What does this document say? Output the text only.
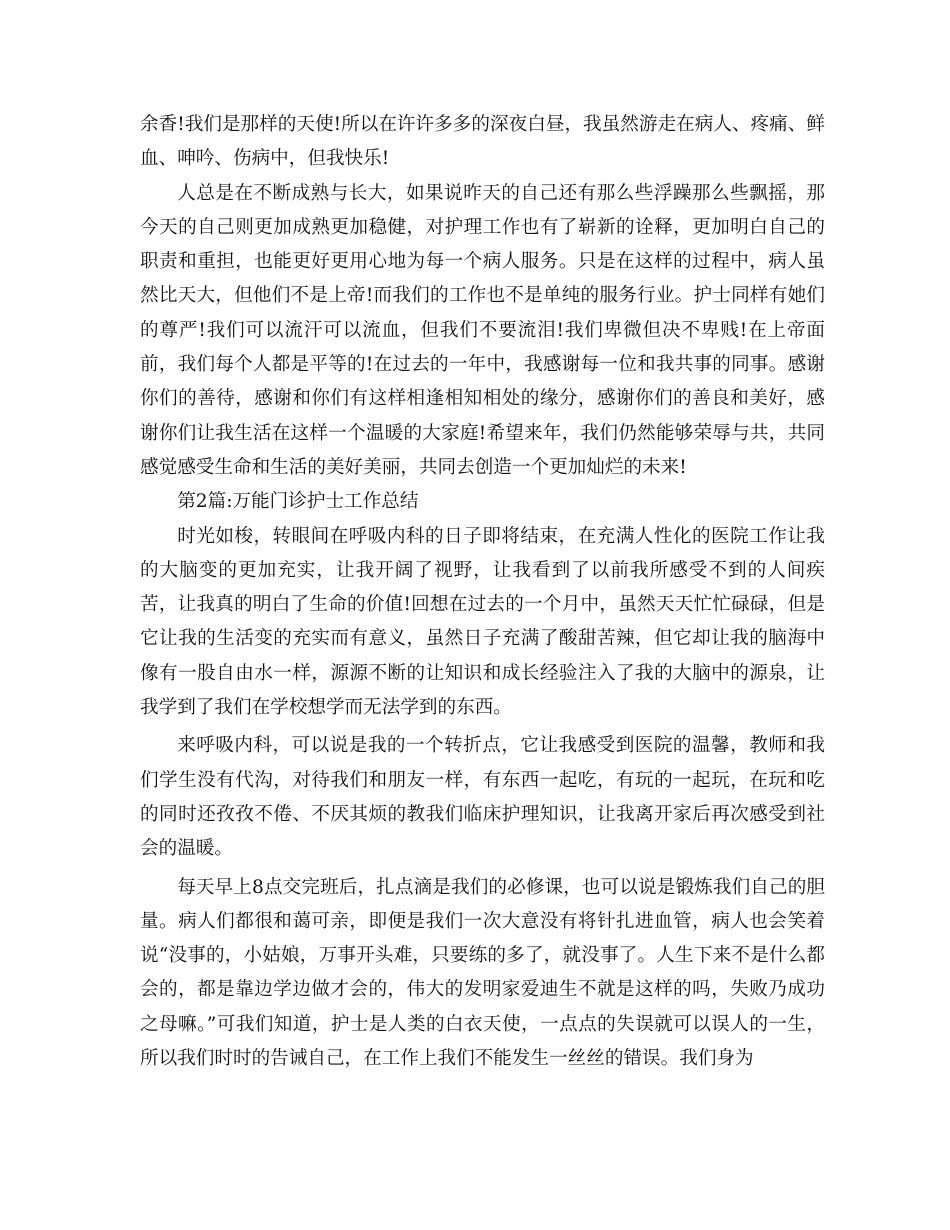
余香!我们是那样的天使!所以在许许多多的深夜白昼，我虽然游走在病人、疼痛、鲜血、呻吟、伤病中，但我快乐!

人总是在不断成熟与长大，如果说昨天的自己还有那么些浮躁那么些飘摇，那今天的自己则更加成熟更加稳健，对护理工作也有了崭新的诠释，更加明白自己的职责和重担，也能更好更用心地为每一个病人服务。只是在这样的过程中，病人虽然比天大，但他们不是上帝!而我们的工作也不是单纯的服务行业。护士同样有她们的尊严!我们可以流汗可以流血，但我们不要流泪!我们卑微但决不卑贱!在上帝面前，我们每个人都是平等的!在过去的一年中，我感谢每一位和我共事的同事。感谢你们的善待，感谢和你们有这样相逢相知相处的缘分，感谢你们的善良和美好，感谢你们让我生活在这样一个温暖的大家庭!希望来年，我们仍然能够荣辱与共，共同感觉感受生命和生活的美好美丽，共同去创造一个更加灿烂的未来!

第2篇:万能门诊护士工作总结

时光如梭，转眼间在呼吸内科的日子即将结束，在充满人性化的医院工作让我的大脑变的更加充实，让我开阔了视野，让我看到了以前我所感受不到的人间疾苦，让我真的明白了生命的价值!回想在过去的一个月中，虽然天天忙忙碌碌，但是它让我的生活变的充实而有意义，虽然日子充满了酸甜苦辣，但它却让我的脑海中像有一股自由水一样，源源不断的让知识和成长经验注入了我的大脑中的源泉，让我学到了我们在学校想学而无法学到的东西。

来呼吸内科，可以说是我的一个转折点，它让我感受到医院的温馨，教师和我们学生没有代沟，对待我们和朋友一样，有东西一起吃，有玩的一起玩，在玩和吃的同时还孜孜不倦、不厌其烦的教我们临床护理知识，让我离开家后再次感受到社会的温暖。

每天早上8点交完班后，扎点滴是我们的必修课，也可以说是锻炼我们自己的胆量。病人们都很和蔼可亲，即便是我们一次大意没有将针扎进血管，病人也会笑着说“没事的，小姑娘，万事开头难，只要练的多了，就没事了。人生下来不是什么都会的，都是靠边学边做才会的，伟大的发明家爱迪生不就是这样的吗，失败乃成功之母嘛。”可我们知道，护士是人类的白衣天使，一点点的失误就可以误人的一生，所以我们时时的告诫自己，在工作上我们不能发生一丝丝的错误。我们身为
